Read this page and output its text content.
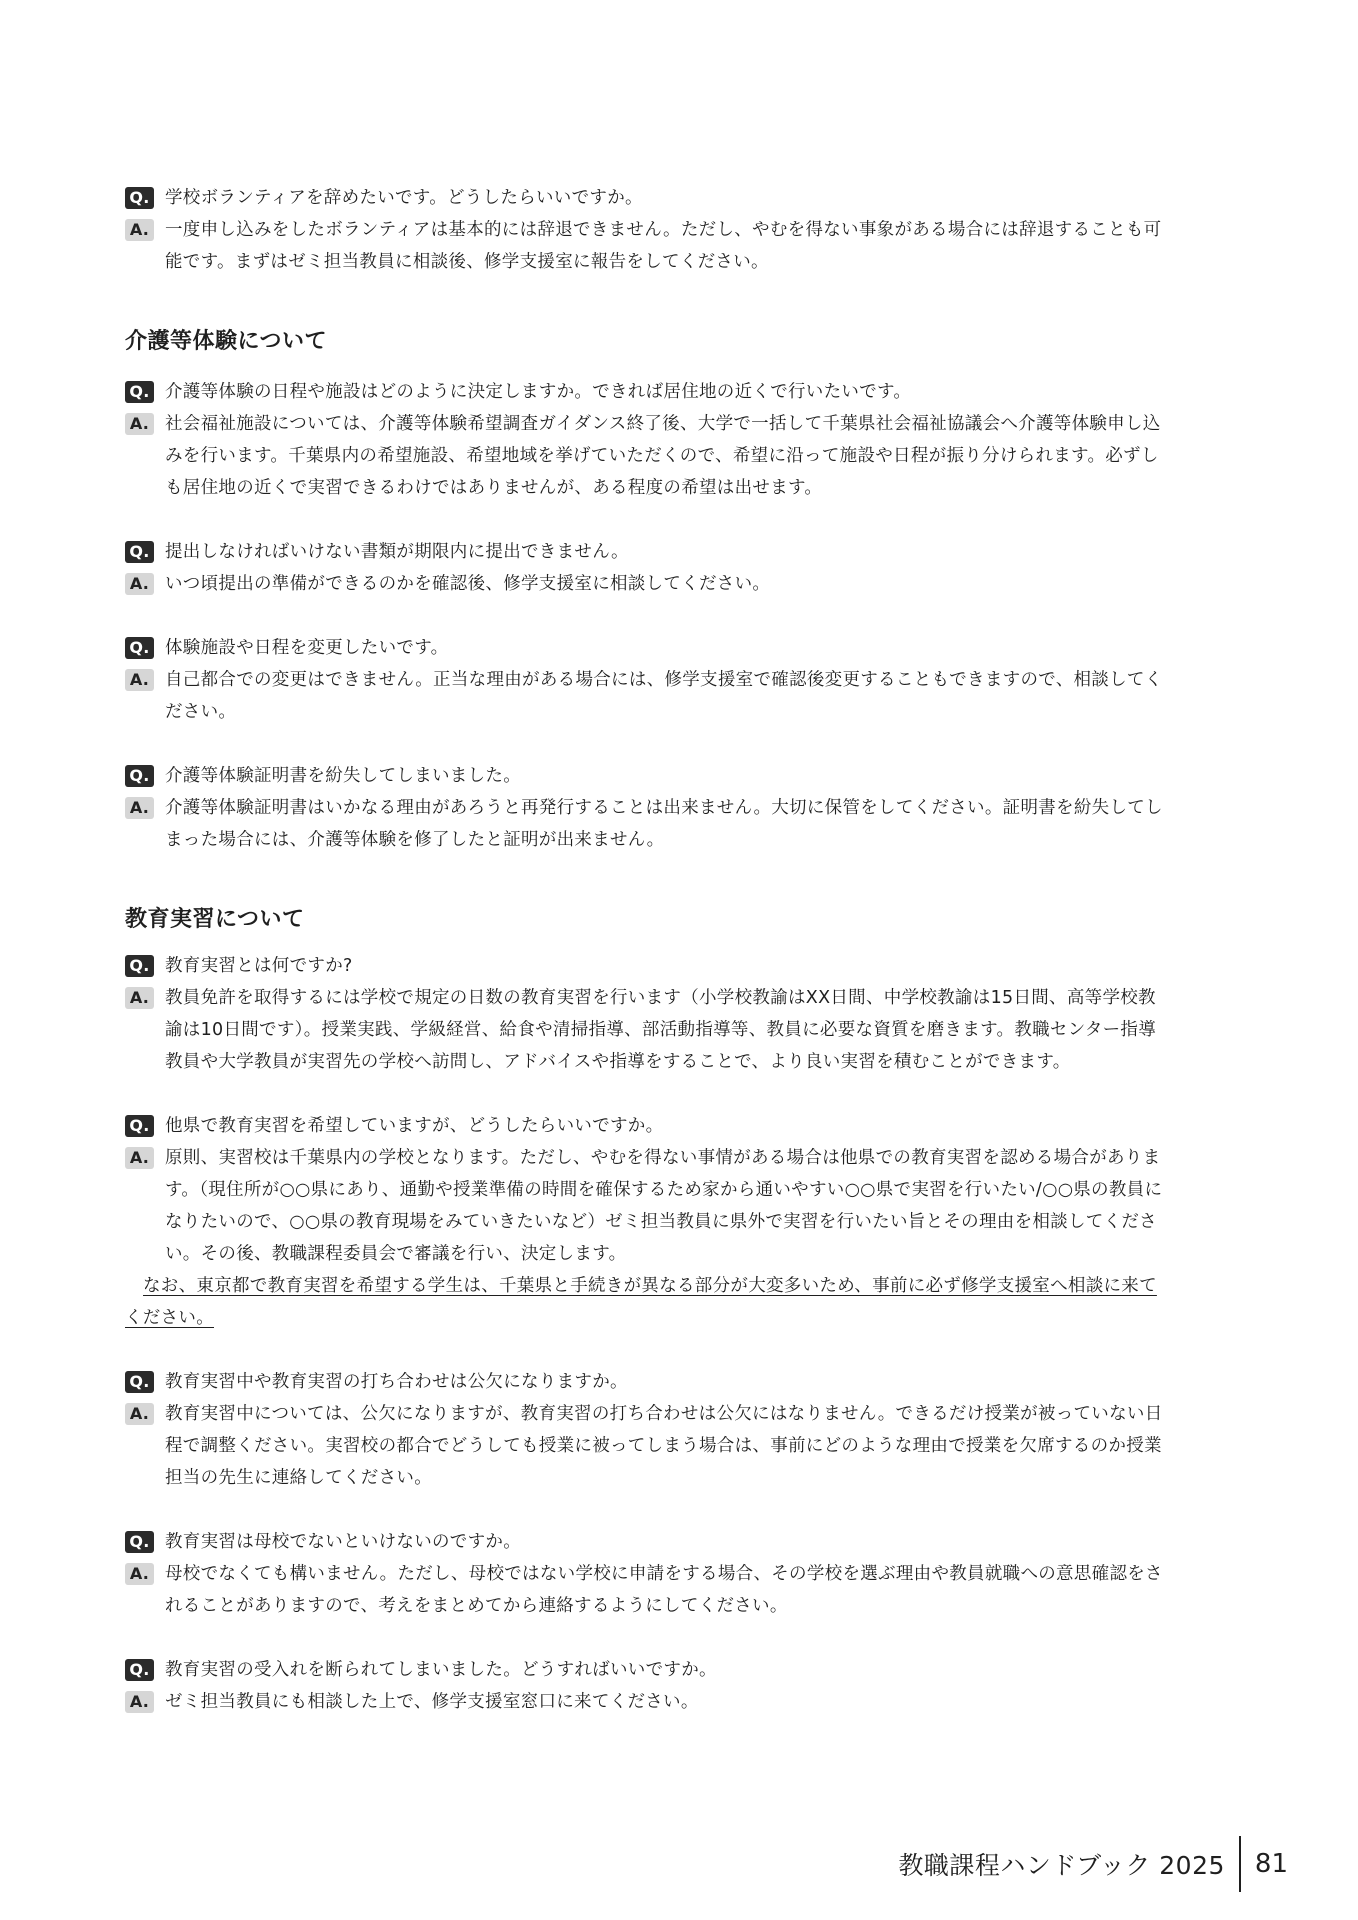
Q. 学校ボランティアを辞めたいです。どうしたらいいですか。
A. 一度申し込みをしたボランティアは基本的には辞退できません。ただし、やむを得ない事象がある場合には辞退することも可能です。まずはゼミ担当教員に相談後、修学支援室に報告をしてください。
介護等体験について
Q. 介護等体験の日程や施設はどのように決定しますか。できれば居住地の近くで行いたいです。
A. 社会福祉施設については、介護等体験希望調査ガイダンス終了後、大学で一括して千葉県社会福祉協議会へ介護等体験申し込みを行います。千葉県内の希望施設、希望地域を挙げていただくので、希望に沿って施設や日程が振り分けられます。必ずしも居住地の近くで実習できるわけではありませんが、ある程度の希望は出せます。
Q. 提出しなければいけない書類が期限内に提出できません。
A. いつ頃提出の準備ができるのかを確認後、修学支援室に相談してください。
Q. 体験施設や日程を変更したいです。
A. 自己都合での変更はできません。正当な理由がある場合には、修学支援室で確認後変更することもできますので、相談してください。
Q. 介護等体験証明書を紛失してしまいました。
A. 介護等体験証明書はいかなる理由があろうと再発行することは出来ません。大切に保管をしてください。証明書を紛失してしまった場合には、介護等体験を修了したと証明が出来ません。
教育実習について
Q. 教育実習とは何ですか?
A. 教員免許を取得するには学校で規定の日数の教育実習を行います（小学校教諭はXX日間、中学校教諭は15日間、高等学校教諭は10日間です）。授業実践、学級経営、給食や清掃指導、部活動指導等、教員に必要な資質を磨きます。教職センター指導教員や大学教員が実習先の学校へ訪問し、アドバイスや指導をすることで、より良い実習を積むことができます。
Q. 他県で教育実習を希望していますが、どうしたらいいですか。
A. 原則、実習校は千葉県内の学校となります。ただし、やむを得ない事情がある場合は他県での教育実習を認める場合があります。（現住所が○○県にあり、通勤や授業準備の時間を確保するため家から通いやすい○○県で実習を行いたい/○○県の教員になりたいので、○○県の教育現場をみていきたいなど）ゼミ担当教員に県外で実習を行いたい旨とその理由を相談してください。その後、教職課程委員会で審議を行い、決定します。
なお、東京都で教育実習を希望する学生は、千葉県と手続きが異なる部分が大変多いため、事前に必ず修学支援室へ相談に来てください。
Q. 教育実習中や教育実習の打ち合わせは公欠になりますか。
A. 教育実習中については、公欠になりますが、教育実習の打ち合わせは公欠にはなりません。できるだけ授業が被っていない日程で調整ください。実習校の都合でどうしても授業に被ってしまう場合は、事前にどのような理由で授業を欠席するのか授業担当の先生に連絡してください。
Q. 教育実習は母校でないといけないのですか。
A. 母校でなくても構いません。ただし、母校ではない学校に申請をする場合、その学校を選ぶ理由や教員就職への意思確認をされることがありますので、考えをまとめてから連絡するようにしてください。
Q. 教育実習の受入れを断られてしまいました。どうすればいいですか。
A. ゼミ担当教員にも相談した上で、修学支援室窓口に来てください。
教職課程ハンドブック 2025 81
